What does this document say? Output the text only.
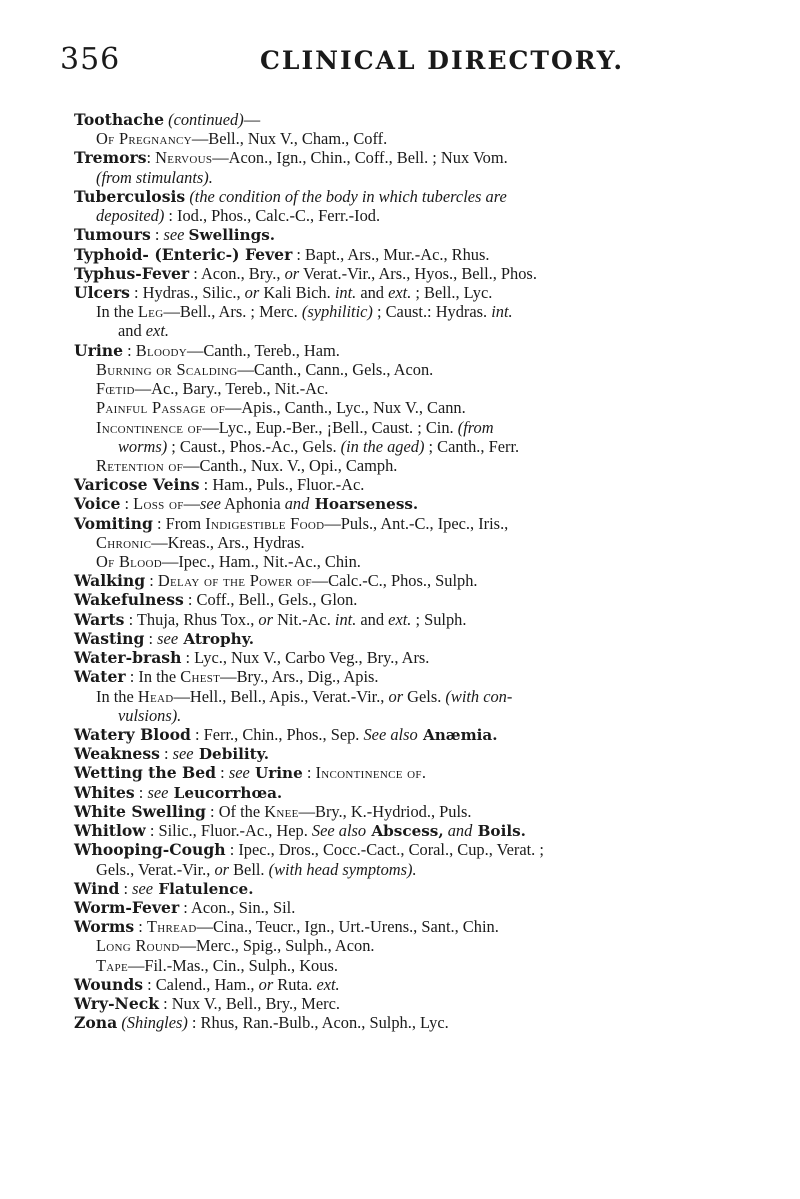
356	CLINICAL DIRECTORY.
Toothache (continued)—
Of Pregnancy—Bell., Nux V., Cham., Coff.
Tremors: Nervous—Acon., Ign., Chin., Coff., Bell. ; Nux Vom.
(from stimulants).
Tuberculosis (the condition of the body in which tubercles are
deposited) : Iod., Phos., Calc.-C., Ferr.-Iod.
Tumours : see Swellings.
Typhoid- (Enteric-) Fever : Bapt., Ars., Mur.-Ac., Rhus.
Typhus-Fever : Acon., Bry., or Verat.-Vir., Ars., Hyos., Bell., Phos.
Ulcers : Hydras., Silic., or Kali Bich. int. and ext. ; Bell., Lyc.
In the Leg—Bell., Ars. ; Merc. (syphilitic) ; Caust.: Hydras. int.
and ext.
Urine : Bloody—Canth., Tereb., Ham.
Burning or Scalding—Canth., Cann., Gels., Acon.
Fœtid—Ac., Bary., Tereb., Nit.-Ac.
Painful Passage of—Apis., Canth., Lyc., Nux V., Cann.
Incontinence of—Lyc., Eup.-Ber., ¡Bell., Caust. ; Cin. (from
worms) ; Caust., Phos.-Ac., Gels. (in the aged) ; Canth., Ferr.
Retention of—Canth., Nux. V., Opi., Camph.
Varicose Veins : Ham., Puls., Fluor.-Ac.
Voice : Loss of—see Aphonia and Hoarseness.
Vomiting : From Indigestible Food—Puls., Ant.-C., Ipec., Iris.,
Chronic—Kreas., Ars., Hydras.
Of Blood—Ipec., Ham., Nit.-Ac., Chin.
Walking : Delay of the Power of—Calc.-C., Phos., Sulph.
Wakefulness : Coff., Bell., Gels., Glon.
Warts : Thuja, Rhus Tox., or Nit.-Ac. int. and ext. ; Sulph.
Wasting : see Atrophy.
Water-brash : Lyc., Nux V., Carbo Veg., Bry., Ars.
Water : In the Chest—Bry., Ars., Dig., Apis.
In the Head—Hell., Bell., Apis., Verat.-Vir., or Gels. (with con-
vulsions).
Watery Blood : Ferr., Chin., Phos., Sep. See also Anæmia.
Weakness : see Debility.
Wetting the Bed : see Urine : Incontinence of.
Whites : see Leucorrhœa.
White Swelling : Of the Knee—Bry., K.-Hydriod., Puls.
Whitlow : Silic., Fluor.-Ac., Hep. See also Abscess, and Boils.
Whooping-Cough : Ipec., Dros., Cocc.-Cact., Coral., Cup., Verat. ;
Gels., Verat.-Vir., or Bell. (with head symptoms).
Wind : see Flatulence.
Worm-Fever : Acon., Sin., Sil.
Worms : Thread—Cina., Teucr., Ign., Urt.-Urens., Sant., Chin.
Long Round—Merc., Spig., Sulph., Acon.
Tape—Fil.-Mas., Cin., Sulph., Kous.
Wounds : Calend., Ham., or Ruta. ext.
Wry-Neck : Nux V., Bell., Bry., Merc.
Zona (Shingles) : Rhus, Ran.-Bulb., Acon., Sulph., Lyc.
